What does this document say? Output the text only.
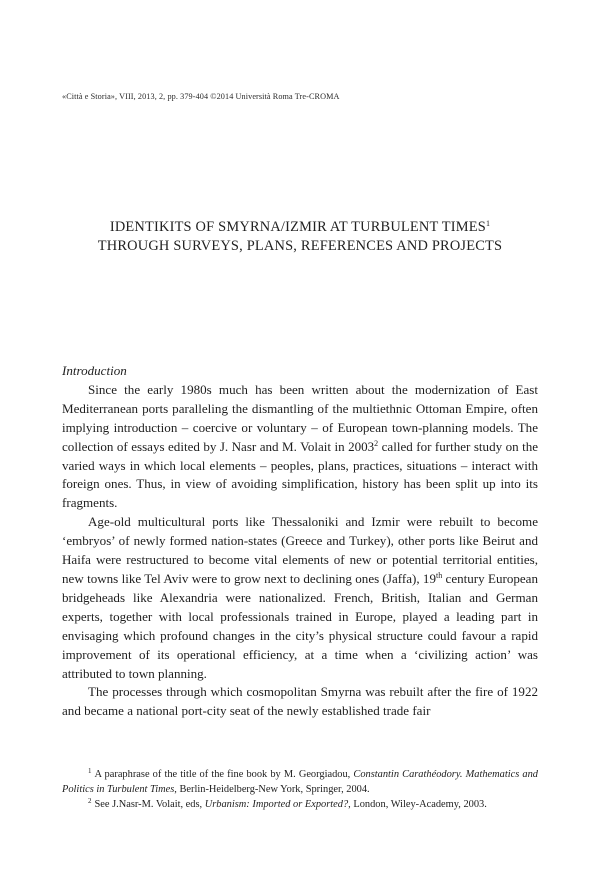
«Città e Storia», VIII, 2013, 2, pp. 379-404 ©2014 Università Roma Tre-CROMA
IDENTIKITS OF SMYRNA/IZMIR AT TURBULENT TIMES$^1$
THROUGH SURVEYS, PLANS, REFERENCES AND PROJECTS

Introduction

Since the early 1980s much has been written about the modernization of East Mediterranean ports paralleling the dismantling of the multiethnic Ottoman Empire, often implying introduction – coercive or voluntary – of European town-planning models. The collection of essays edited by J. Nasr and M. Volait in 2003$^2$ called for further study on the varied ways in which local elements – peoples, plans, practices, situations – interact with foreign ones. Thus, in view of avoiding simplification, history has been split up into its fragments.

Age-old multicultural ports like Thessaloniki and Izmir were rebuilt to become ‘embryos’ of newly formed nation-states (Greece and Turkey), other ports like Beirut and Haifa were restructured to become vital elements of new or potential territorial entities, new towns like Tel Aviv were to grow next to declining ones (Jaffa), 19th century European bridgeheads like Alexandria were nationalized. French, British, Italian and German experts, together with local professionals trained in Europe, played a leading part in envisaging which profound changes in the city’s physical structure could favour a rapid improvement of its operational efficiency, at a time when a ‘civilizing action’ was attributed to town planning.

The processes through which cosmopolitan Smyrna was rebuilt after the fire of 1922 and became a national port-city seat of the newly established trade fair

$^1$ A paraphrase of the title of the fine book by M. Georgiadou, Constantin Carathéodory. Mathematics and Politics in Turbulent Times, Berlin-Heidelberg-New York, Springer, 2004.

$^2$ See J.Nasr-M. Volait, eds, Urbanism: Imported or Exported?, London, Wiley-Academy, 2003.
